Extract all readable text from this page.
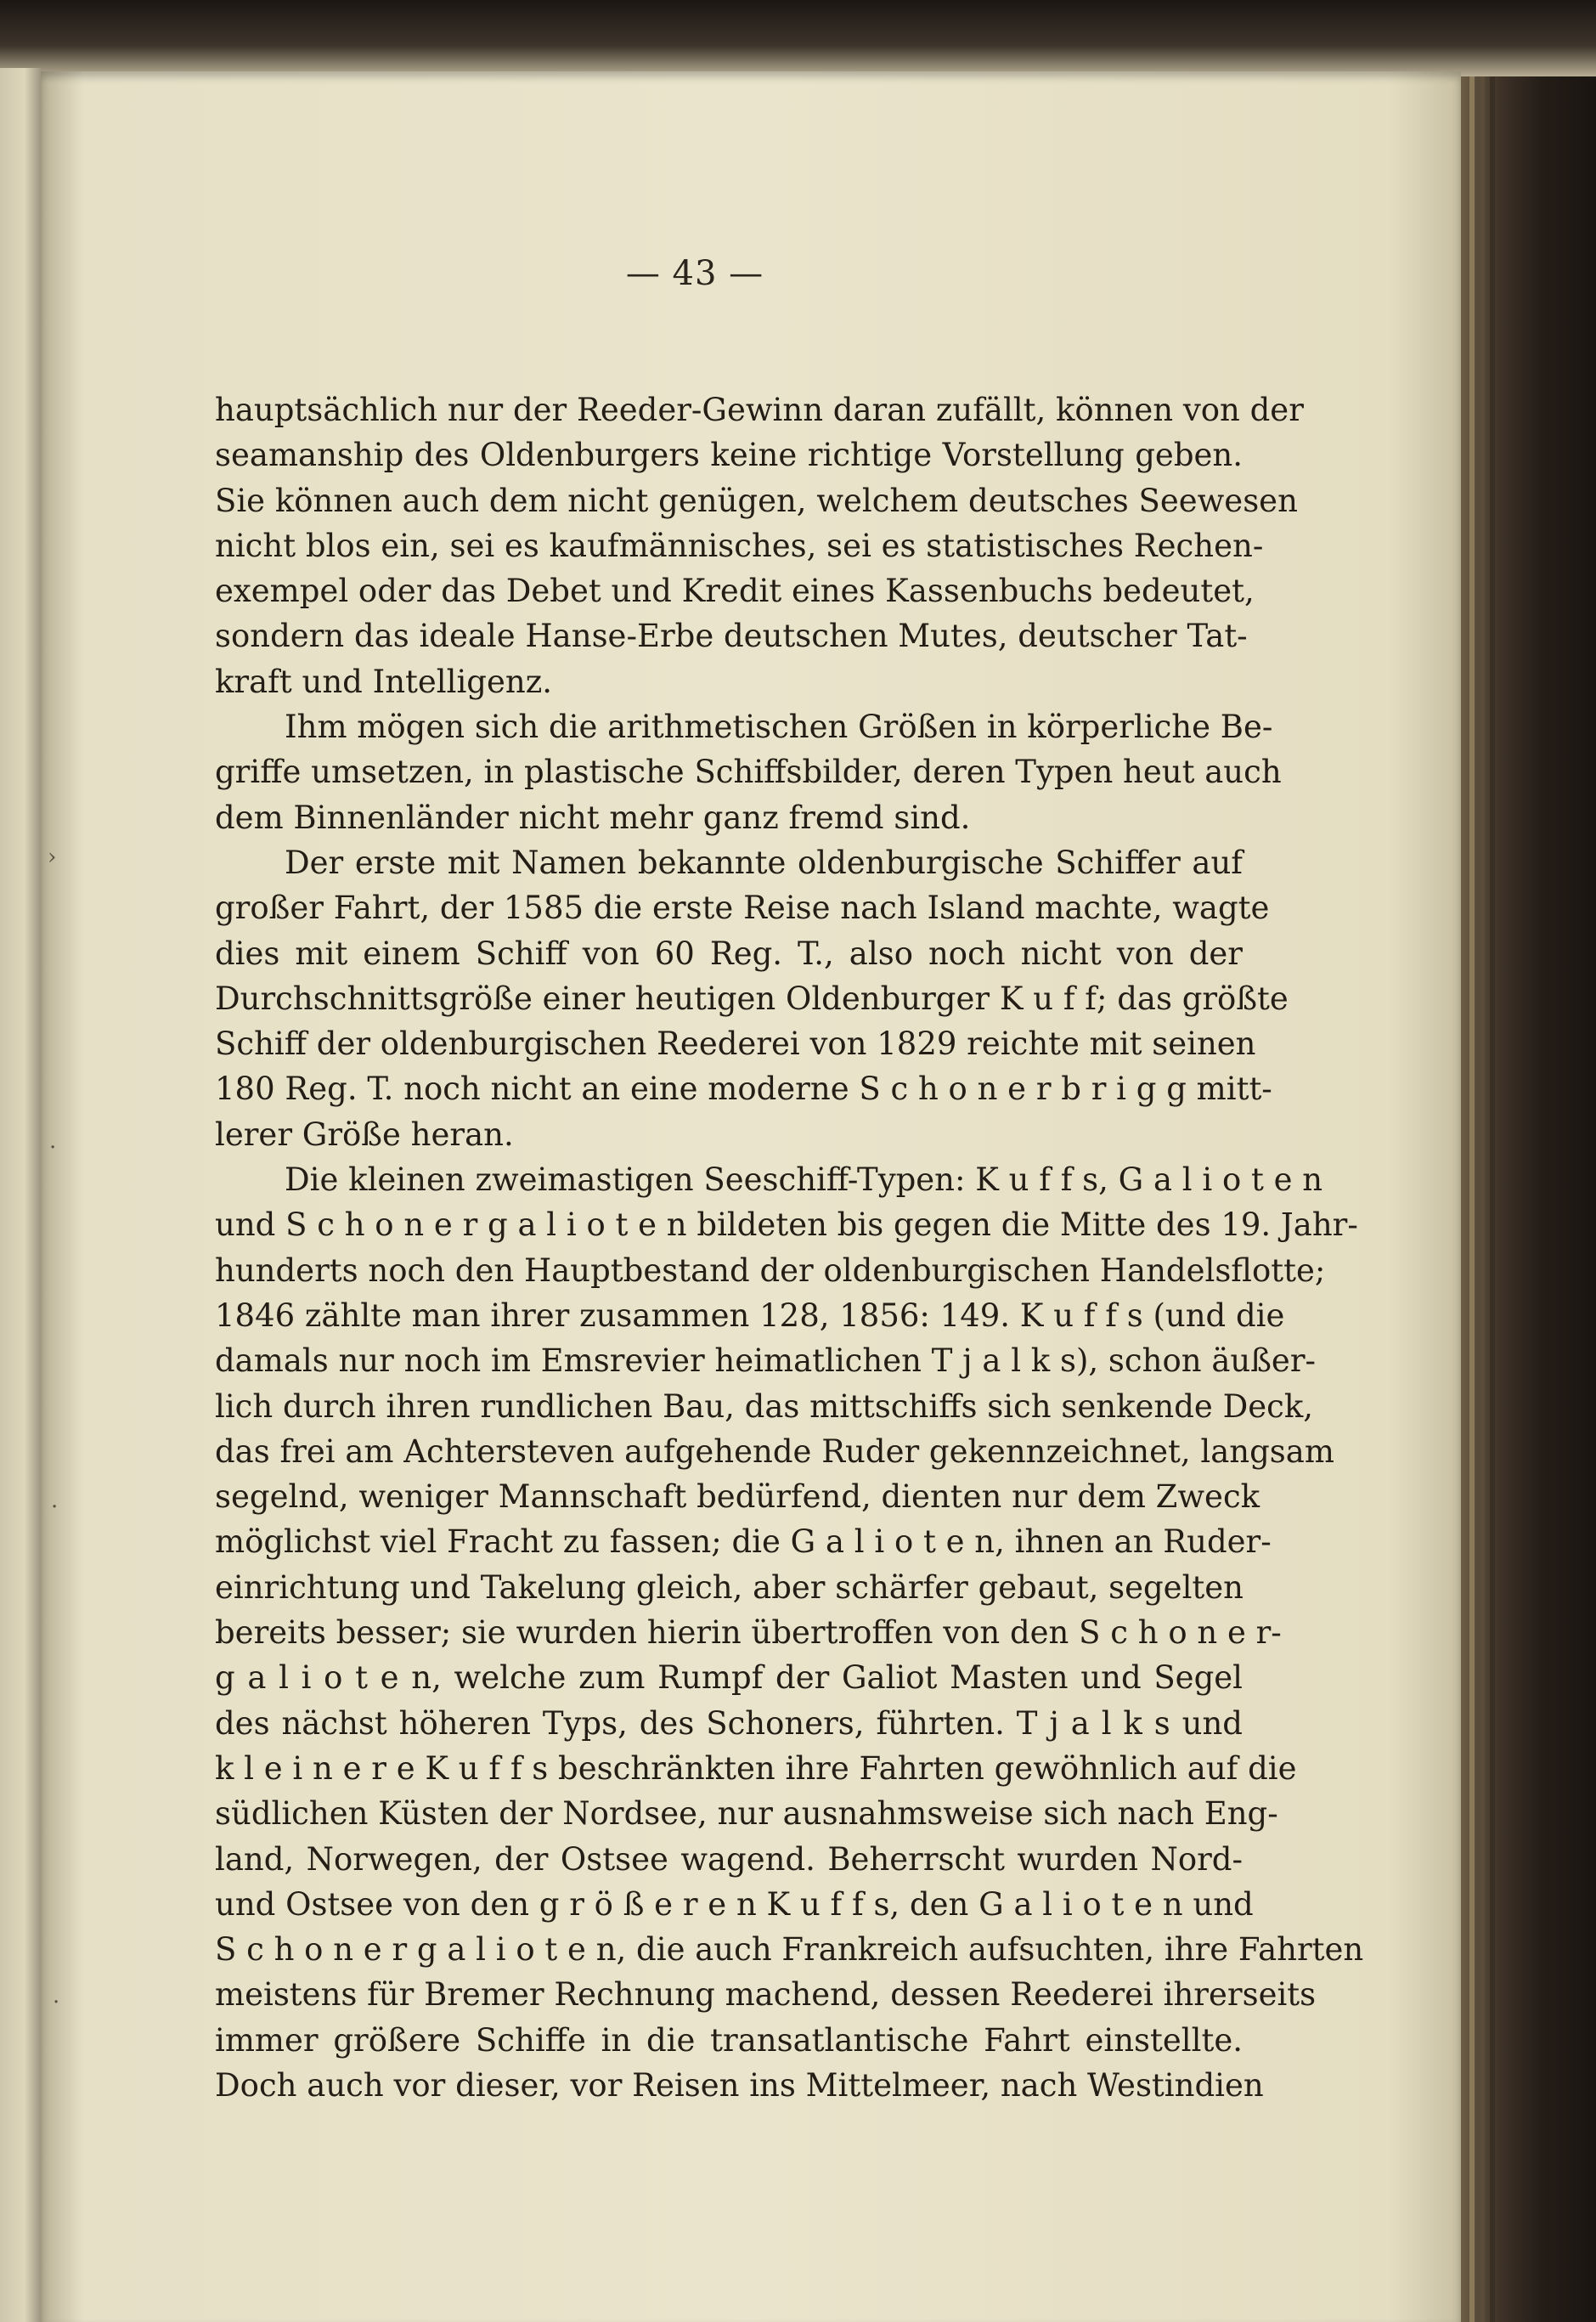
— 43 —
›
·
·
·
hauptsächlich nur der Reeder-Gewinn daran zufällt, können von der
seamanship des Oldenburgers keine richtige Vorstellung geben.
Sie können auch dem nicht genügen, welchem deutsches Seewesen
nicht blos ein, sei es kaufmännisches, sei es statistisches Rechen-
exempel oder das Debet und Kredit eines Kassenbuchs bedeutet,
sondern das ideale Hanse-Erbe deutschen Mutes, deutscher Tat-
kraft und Intelligenz.
Ihm mögen sich die arithmetischen Größen in körperliche Be-
griffe umsetzen, in plastische Schiffsbilder, deren Typen heut auch
dem Binnenländer nicht mehr ganz fremd sind.
Der erste mit Namen bekannte oldenburgische Schiffer auf
großer Fahrt, der 1585 die erste Reise nach Island machte, wagte
dies mit einem Schiff von 60 Reg. T., also noch nicht von der
Durchschnittsgröße einer heutigen Oldenburger K u f f; das größte
Schiff der oldenburgischen Reederei von 1829 reichte mit seinen
180 Reg. T. noch nicht an eine moderne S c h o n e r b r i g g mitt-
lerer Größe heran.
Die kleinen zweimastigen Seeschiff-Typen: K u f f s, G a l i o t e n
und S c h o n e r g a l i o t e n bildeten bis gegen die Mitte des 19. Jahr-
hunderts noch den Hauptbestand der oldenburgischen Handelsflotte;
1846 zählte man ihrer zusammen 128, 1856: 149. K u f f s (und die
damals nur noch im Emsrevier heimatlichen T j a l k s), schon äußer-
lich durch ihren rundlichen Bau, das mittschiffs sich senkende Deck,
das frei am Achtersteven aufgehende Ruder gekennzeichnet, langsam
segelnd, weniger Mannschaft bedürfend, dienten nur dem Zweck
möglichst viel Fracht zu fassen; die G a l i o t e n, ihnen an Ruder-
einrichtung und Takelung gleich, aber schärfer gebaut, segelten
bereits besser; sie wurden hierin übertroffen von den S c h o n e r-
g a l i o t e n, welche zum Rumpf der Galiot Masten und Segel
des nächst höheren Typs, des Schoners, führten. T j a l k s und
k l e i n e r e K u f f s beschränkten ihre Fahrten gewöhnlich auf die
südlichen Küsten der Nordsee, nur ausnahmsweise sich nach Eng-
land, Norwegen, der Ostsee wagend. Beherrscht wurden Nord-
und Ostsee von den g r ö ß e r e n K u f f s, den G a l i o t e n und
S c h o n e r g a l i o t e n, die auch Frankreich aufsuchten, ihre Fahrten
meistens für Bremer Rechnung machend, dessen Reederei ihrerseits
immer größere Schiffe in die transatlantische Fahrt einstellte.
Doch auch vor dieser, vor Reisen ins Mittelmeer, nach Westindien
